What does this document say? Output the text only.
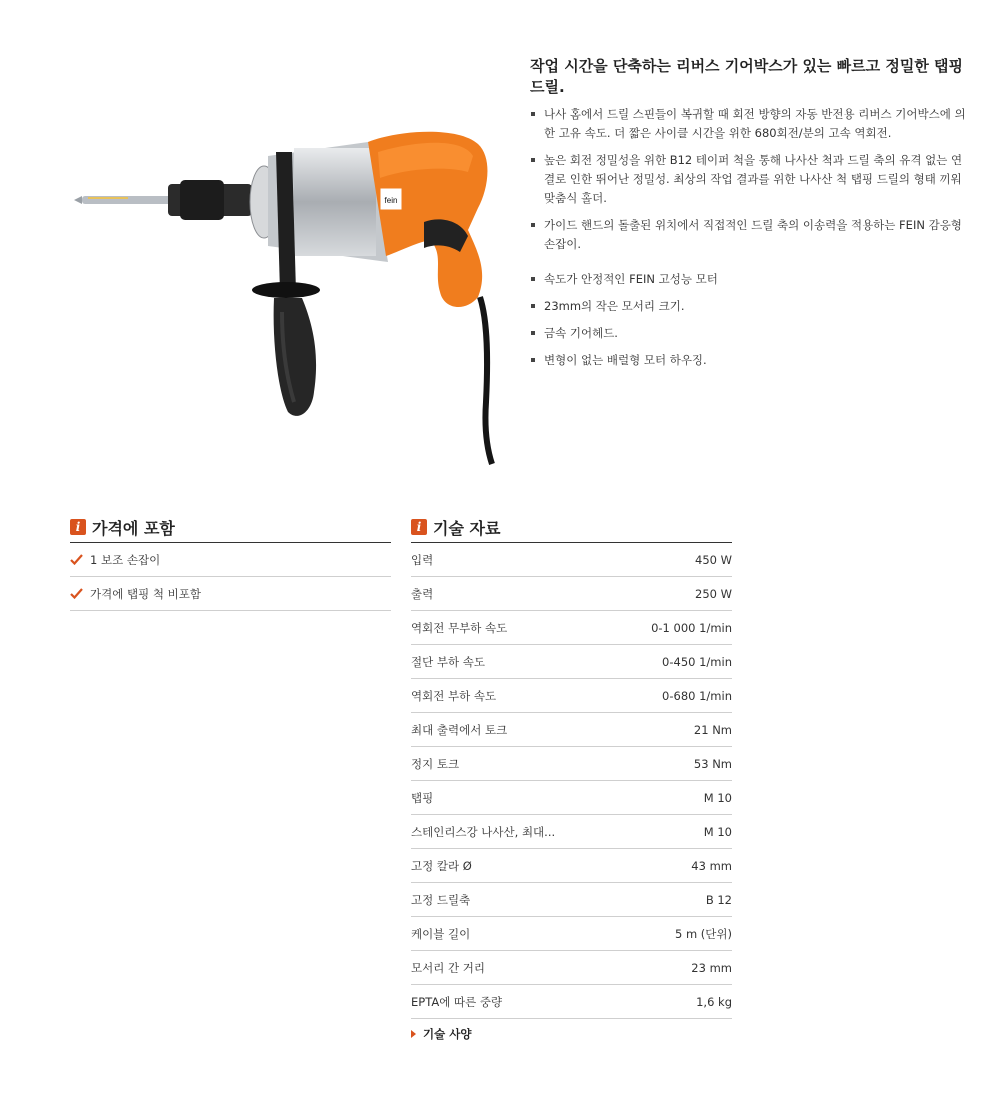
fein

작업 시간을 단축하는 리버스 기어박스가 있는 빠르고 정밀한 탭핑 드릴.

나사 홈에서 드릴 스핀들이 복귀할 때 회전 방향의 자동 반전용 리버스 기어박스에 의한 고유 속도. 더 짧은 사이클 시간을 위한 680회전/분의 고속 역회전.
높은 회전 정밀성을 위한 B12 테이퍼 척을 통해 나사산 척과 드릴 축의 유격 없는 연결로 인한 뛰어난 정밀성. 최상의 작업 결과를 위한 나사산 척 탭핑 드릴의 형태 끼워 맞춤식 홀더.
가이드 핸드의 돌출된 위치에서 직접적인 드릴 축의 이송력을 적용하는 FEIN 감응형 손잡이.
속도가 안정적인 FEIN 고성능 모터
23mm의 작은 모서리 크기.
금속 기어헤드.
변형이 없는 배럴형 모터 하우징.
i 가격에 포함
1 보조 손잡이
가격에 탭핑 척 비포함
i 기술 자료
입력	450 W
출력	250 W
역회전 무부하 속도	0-1 000 1/min
절단 부하 속도	0-450 1/min
역회전 부하 속도	0-680 1/min
최대 출력에서 토크	21 Nm
정지 토크	53 Nm
탭핑	M 10
스테인리스강 나사산, 최대...	M 10
고정 칼라 Ø	43 mm
고정 드릴축	B 12
케이블 길이	5 m (단위)
모서리 간 거리	23 mm
EPTA에 따른 중량	1,6 kg
기술 사양
